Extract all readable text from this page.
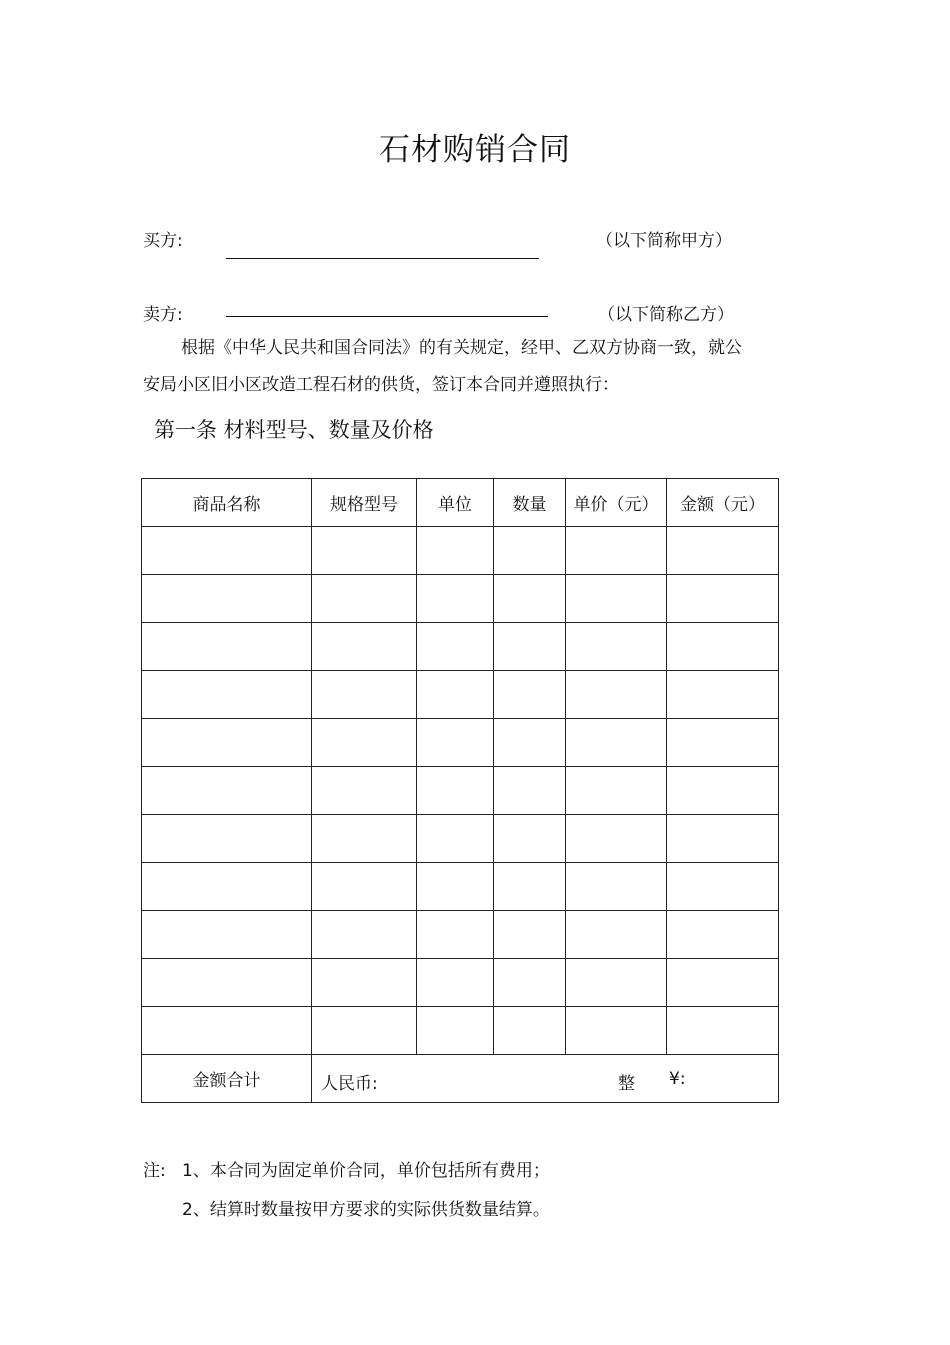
石材购销合同
买方:	（以下简称甲方）
卖方:	（以下简称乙方）
根据《中华人民共和国合同法》的有关规定，经甲、乙双方协商一致，就公
安局小区旧小区改造工程石材的供货，签订本合同并遵照执行：
第一条 材料型号、数量及价格
商品名称	规格型号	单位	数量	单价（元）	金额（元）

金额合计	人民币: 整 ¥:				
注: 1、本合同为固定单价合同，单价包括所有费用；
2、结算时数量按甲方要求的实际供货数量结算。
